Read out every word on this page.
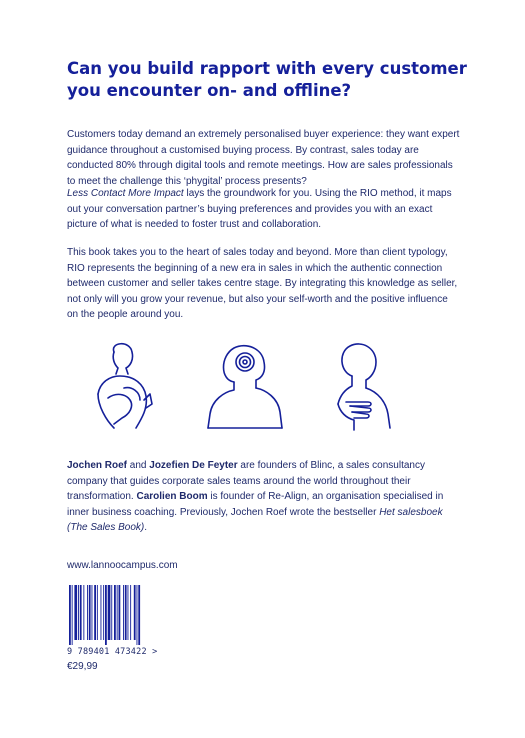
Can you build rapport with every customer you encounter on- and offline?

Customers today demand an extremely personalised buyer experience: they want expert guidance throughout a customised buying process. By contrast, sales today are conducted 80% through digital tools and remote meetings. How are sales professionals to meet the challenge this ‘phygital’ process presents?

Less Contact More Impact lays the groundwork for you. Using the RIO method, it maps out your conversation partner’s buying preferences and provides you with an exact picture of what is needed to foster trust and collaboration.

This book takes you to the heart of sales today and beyond. More than client typology, RIO represents the beginning of a new era in sales in which the authentic connection between customer and seller takes centre stage. By integrating this knowledge as seller, not only will you grow your revenue, but also your self-worth and the positive influence on the people around you.

Jochen Roef and Jozefien De Feyter are founders of Blinc, a sales consultancy company that guides corporate sales teams around the world throughout their transformation. Carolien Boom is founder of Re-Align, an organisation specialised in inner business coaching. Previously, Jochen Roef wrote the bestseller Het salesboek (The Sales Book).

www.lannoocampus.com
9 789401 473422 >
€29,99
